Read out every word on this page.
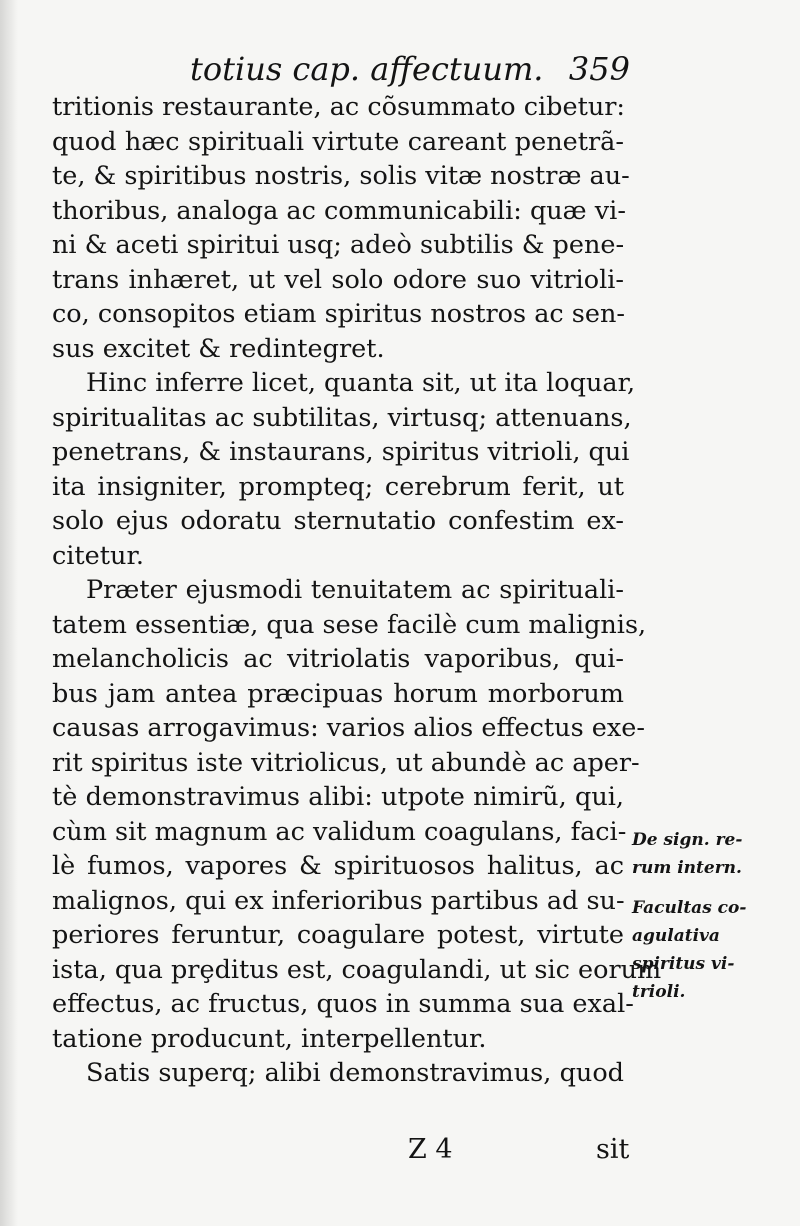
totius cap. affectuum. 359
tritionis restaurante, ac cõsummato cibetur:
quod hæc spirituali virtute careant penetrã-
te, & spiritibus nostris, solis vitæ nostræ au-
thoribus, analoga ac communicabili: quæ vi-
ni & aceti spiritui usq; adeò subtilis & pene-
trans inhæret, ut vel solo odore suo vitrioli-
co, consopitos etiam spiritus nostros ac sen-
sus excitet & redintegret.
Hinc inferre licet, quanta sit, ut ita loquar,
spiritualitas ac subtilitas, virtusq; attenuans,
penetrans, & instaurans, spiritus vitrioli, qui
ita insigniter, prompteq; cerebrum ferit, ut
solo ejus odoratu sternutatio confestim ex-
citetur.
Præter ejusmodi tenuitatem ac spirituali-
tatem essentiæ, qua sese facilè cum malignis,
melancholicis ac vitriolatis vaporibus, qui-
bus jam antea præcipuas horum morborum
causas arrogavimus: varios alios effectus exe-
rit spiritus iste vitriolicus, ut abundè ac aper-
tè demonstravimus alibi: utpote nimirũ, qui,
cùm sit magnum ac validum coagulans, faci-
lè fumos, vapores & spirituosos halitus, ac
malignos, qui ex inferioribus partibus ad su-
periores feruntur, coagulare potest, virtute
ista, qua prȩditus est, coagulandi, ut sic eorum
effectus, ac fructus, quos in summa sua exal-
tatione producunt, interpellentur.
Satis superq; alibi demonstravimus, quod
De sign. re-
rum intern.
Facultas co-
agulativa
spiritus vi-
trioli.
Z 4	sit
